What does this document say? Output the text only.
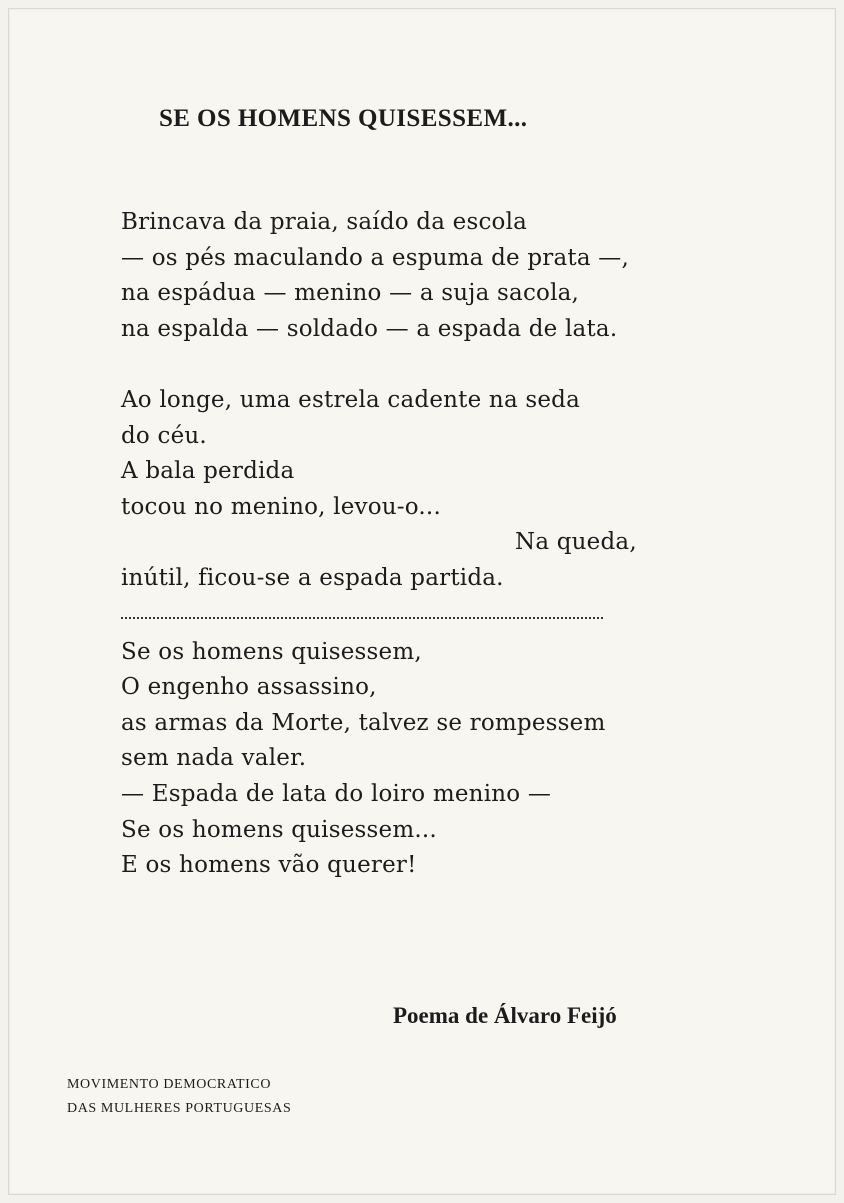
SE OS HOMENS QUISESSEM...
Brincava da praia, saído da escola
— os pés maculando a espuma de prata —,
na espádua — menino — a suja sacola,
na espalda — soldado — a espada de lata.
Ao longe, uma estrela cadente na seda
do céu.
A bala perdida
tocou no menino, levou-o...
Na queda,
inútil, ficou-se a espada partida.
Se os homens quisessem,
O engenho assassino,
as armas da Morte, talvez se rompessem
sem nada valer.
— Espada de lata do loiro menino —
Se os homens quisessem...
E os homens vão querer!

Poema de Álvaro Feijó

MOVIMENTO DEMOCRATICO
DAS MULHERES PORTUGUESAS
